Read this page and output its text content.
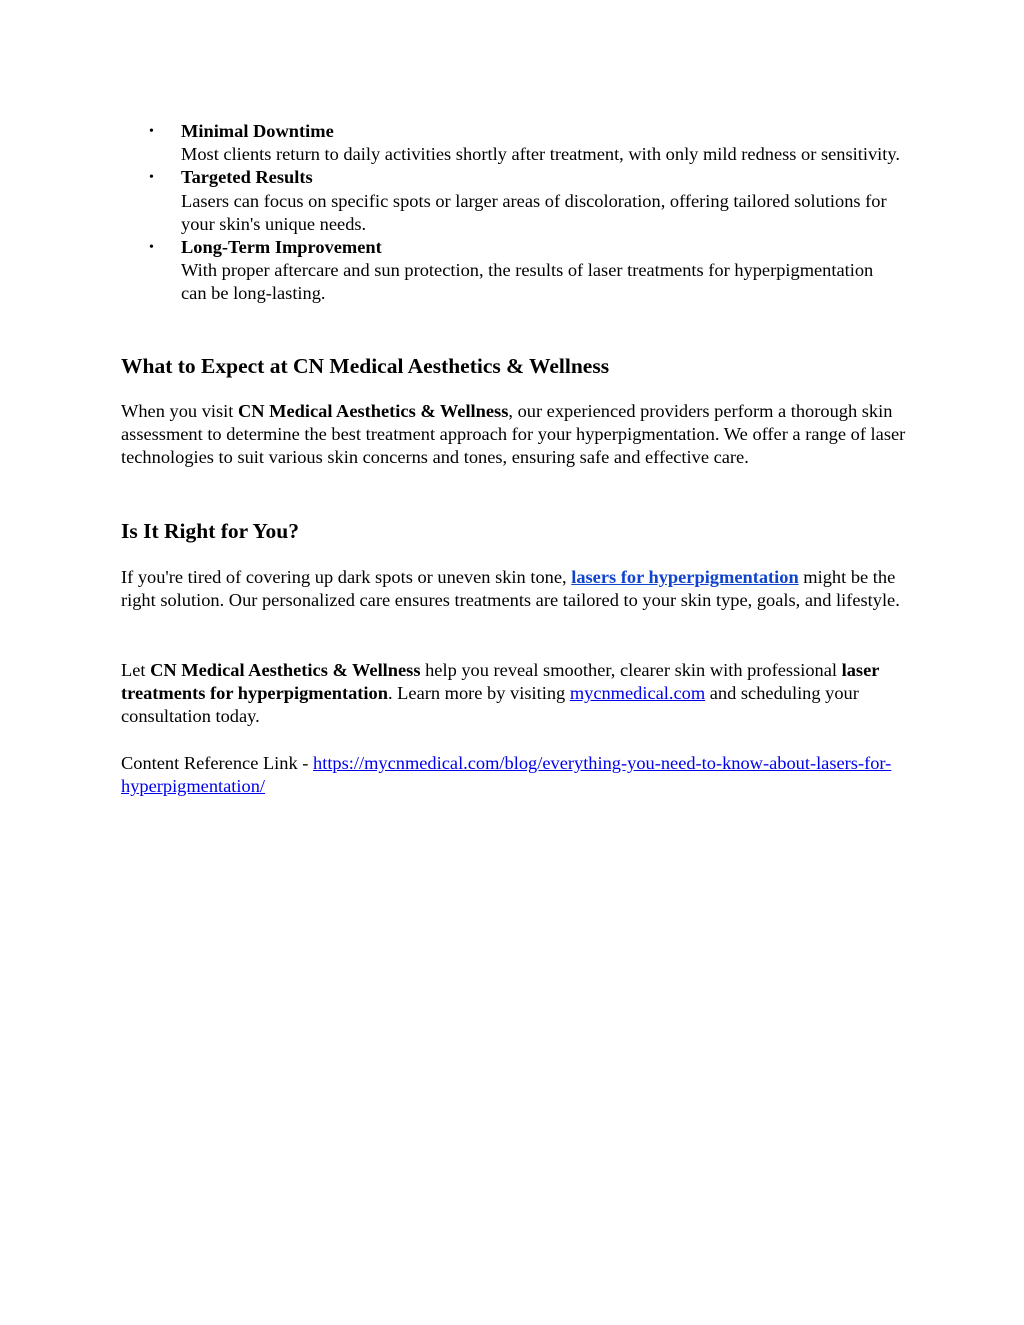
• Minimal Downtime
Most clients return to daily activities shortly after treatment, with only mild redness or sensitivity.
• Targeted Results
Lasers can focus on specific spots or larger areas of discoloration, offering tailored solutions for your skin's unique needs.
• Long-Term Improvement
With proper aftercare and sun protection, the results of laser treatments for hyperpigmentation can be long-lasting.
What to Expect at CN Medical Aesthetics & Wellness

When you visit CN Medical Aesthetics & Wellness, our experienced providers perform a thorough skin assessment to determine the best treatment approach for your hyperpigmentation. We offer a range of laser technologies to suit various skin concerns and tones, ensuring safe and effective care.

Is It Right for You?

If you're tired of covering up dark spots or uneven skin tone, lasers for hyperpigmentation might be the right solution. Our personalized care ensures treatments are tailored to your skin type, goals, and lifestyle.

Let CN Medical Aesthetics & Wellness help you reveal smoother, clearer skin with professional laser treatments for hyperpigmentation. Learn more by visiting mycnmedical.com and scheduling your consultation today.

Content Reference Link - https://mycnmedical.com/blog/everything-you-need-to-know-about-lasers-for-hyperpigmentation/
